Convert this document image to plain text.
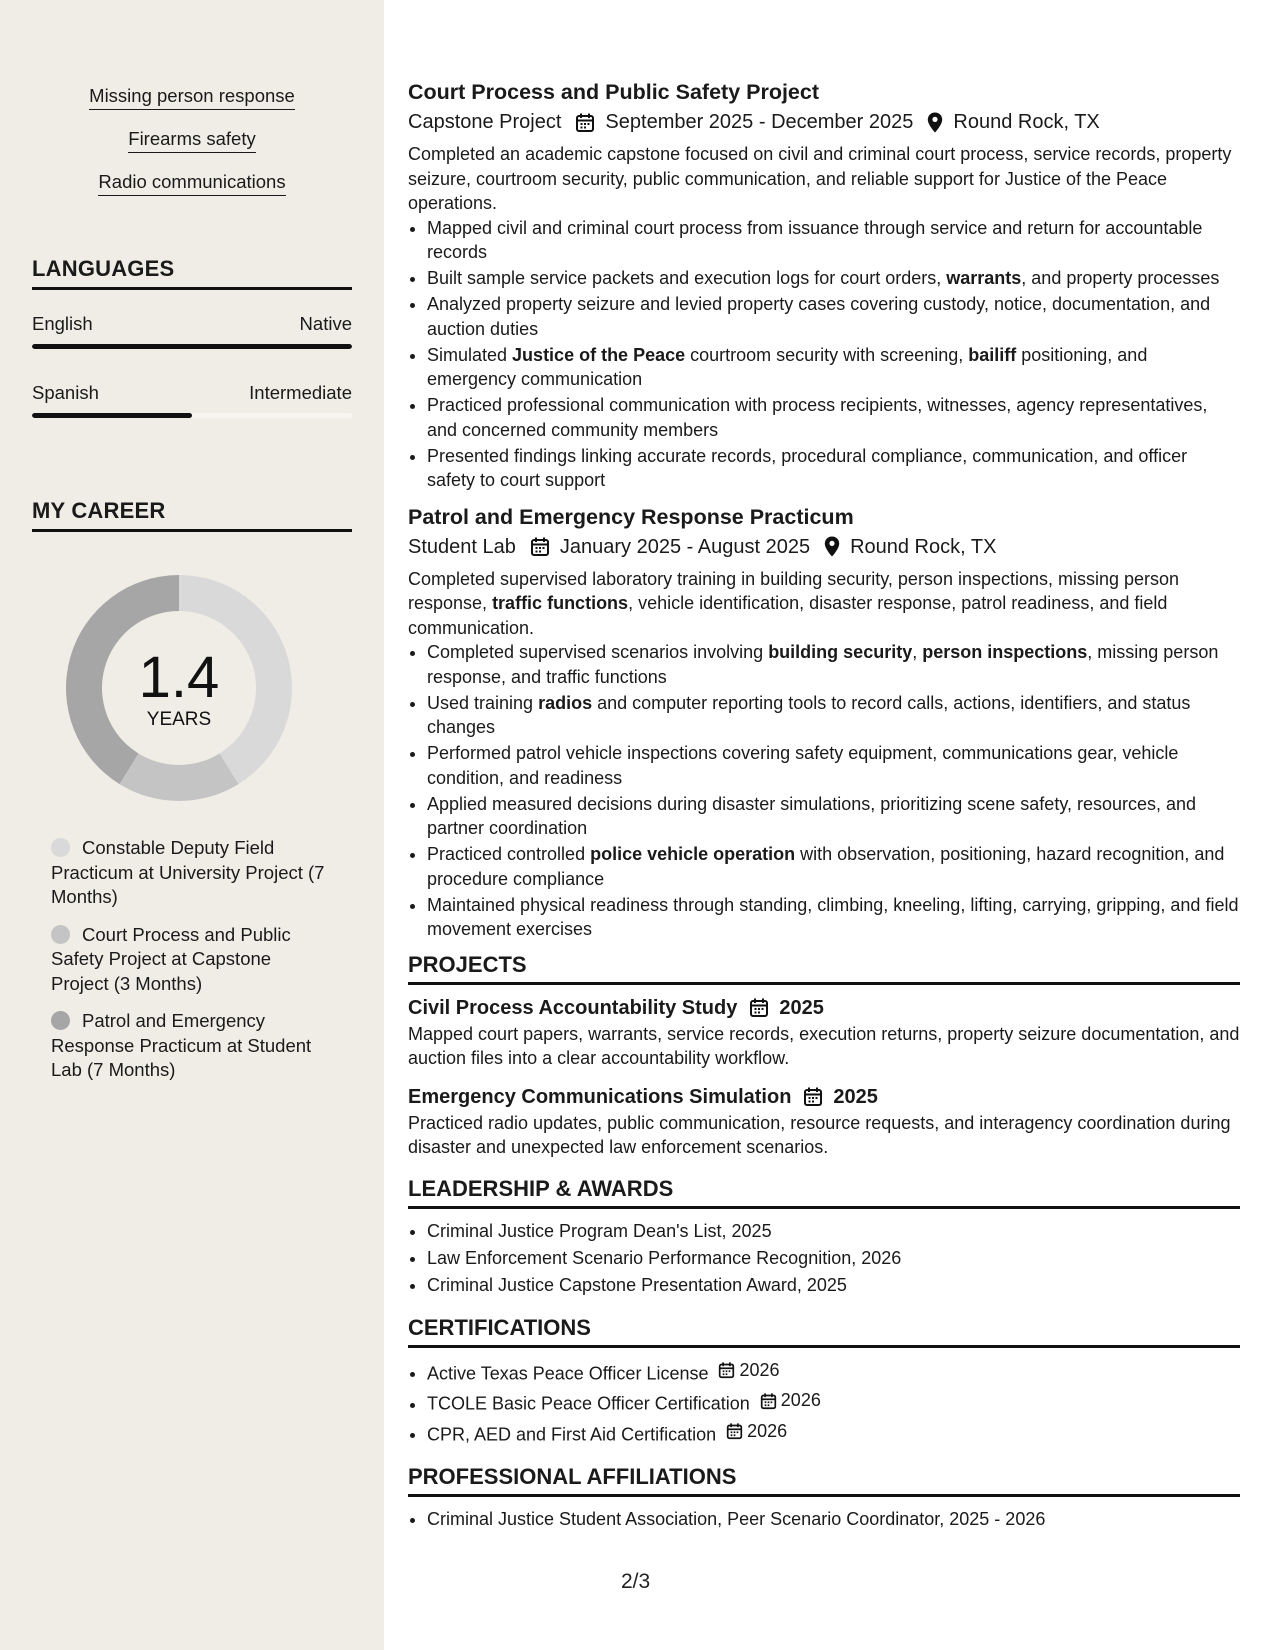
Missing person response
Firearms safety
Radio communications
LANGUAGES
English	Native
Spanish	Intermediate
MY CAREER
1.4
YEARS
Constable Deputy Field Practicum at University Project (7 Months)
Court Process and Public Safety Project at Capstone Project (3 Months)
Patrol and Emergency Response Practicum at Student Lab (7 Months)
Court Process and Public Safety Project
Capstone Project September 2025 - December 2025 Round Rock, TX

Completed an academic capstone focused on civil and criminal court process, service records, property seizure, courtroom security, public communication, and reliable support for Justice of the Peace operations.

• Mapped civil and criminal court process from issuance through service and return for accountable records
• Built sample service packets and execution logs for court orders, warrants, and property processes
• Analyzed property seizure and levied property cases covering custody, notice, documentation, and auction duties
• Simulated Justice of the Peace courtroom security with screening, bailiff positioning, and emergency communication
• Practiced professional communication with process recipients, witnesses, agency representatives, and concerned community members
• Presented findings linking accurate records, procedural compliance, communication, and officer safety to court support
Patrol and Emergency Response Practicum
Student Lab January 2025 - August 2025 Round Rock, TX

Completed supervised laboratory training in building security, person inspections, missing person response, traffic functions, vehicle identification, disaster response, patrol readiness, and field communication.

• Completed supervised scenarios involving building security, person inspections, missing person response, and traffic functions
• Used training radios and computer reporting tools to record calls, actions, identifiers, and status changes
• Performed patrol vehicle inspections covering safety equipment, communications gear, vehicle condition, and readiness
• Applied measured decisions during disaster simulations, prioritizing scene safety, resources, and partner coordination
• Practiced controlled police vehicle operation with observation, positioning, hazard recognition, and procedure compliance
• Maintained physical readiness through standing, climbing, kneeling, lifting, carrying, gripping, and field movement exercises
PROJECTS
Civil Process Accountability Study 2025

Mapped court papers, warrants, service records, execution returns, property seizure documentation, and auction files into a clear accountability workflow.

Emergency Communications Simulation 2025

Practiced radio updates, public communication, resource requests, and interagency coordination during disaster and unexpected law enforcement scenarios.

LEADERSHIP & AWARDS
• Criminal Justice Program Dean's List, 2025
• Law Enforcement Scenario Performance Recognition, 2026
• Criminal Justice Capstone Presentation Award, 2025
CERTIFICATIONS
• Active Texas Peace Officer License 2026
• TCOLE Basic Peace Officer Certification 2026
• CPR, AED and First Aid Certification 2026
PROFESSIONAL AFFILIATIONS
• Criminal Justice Student Association, Peer Scenario Coordinator, 2025 - 2026
2/3
